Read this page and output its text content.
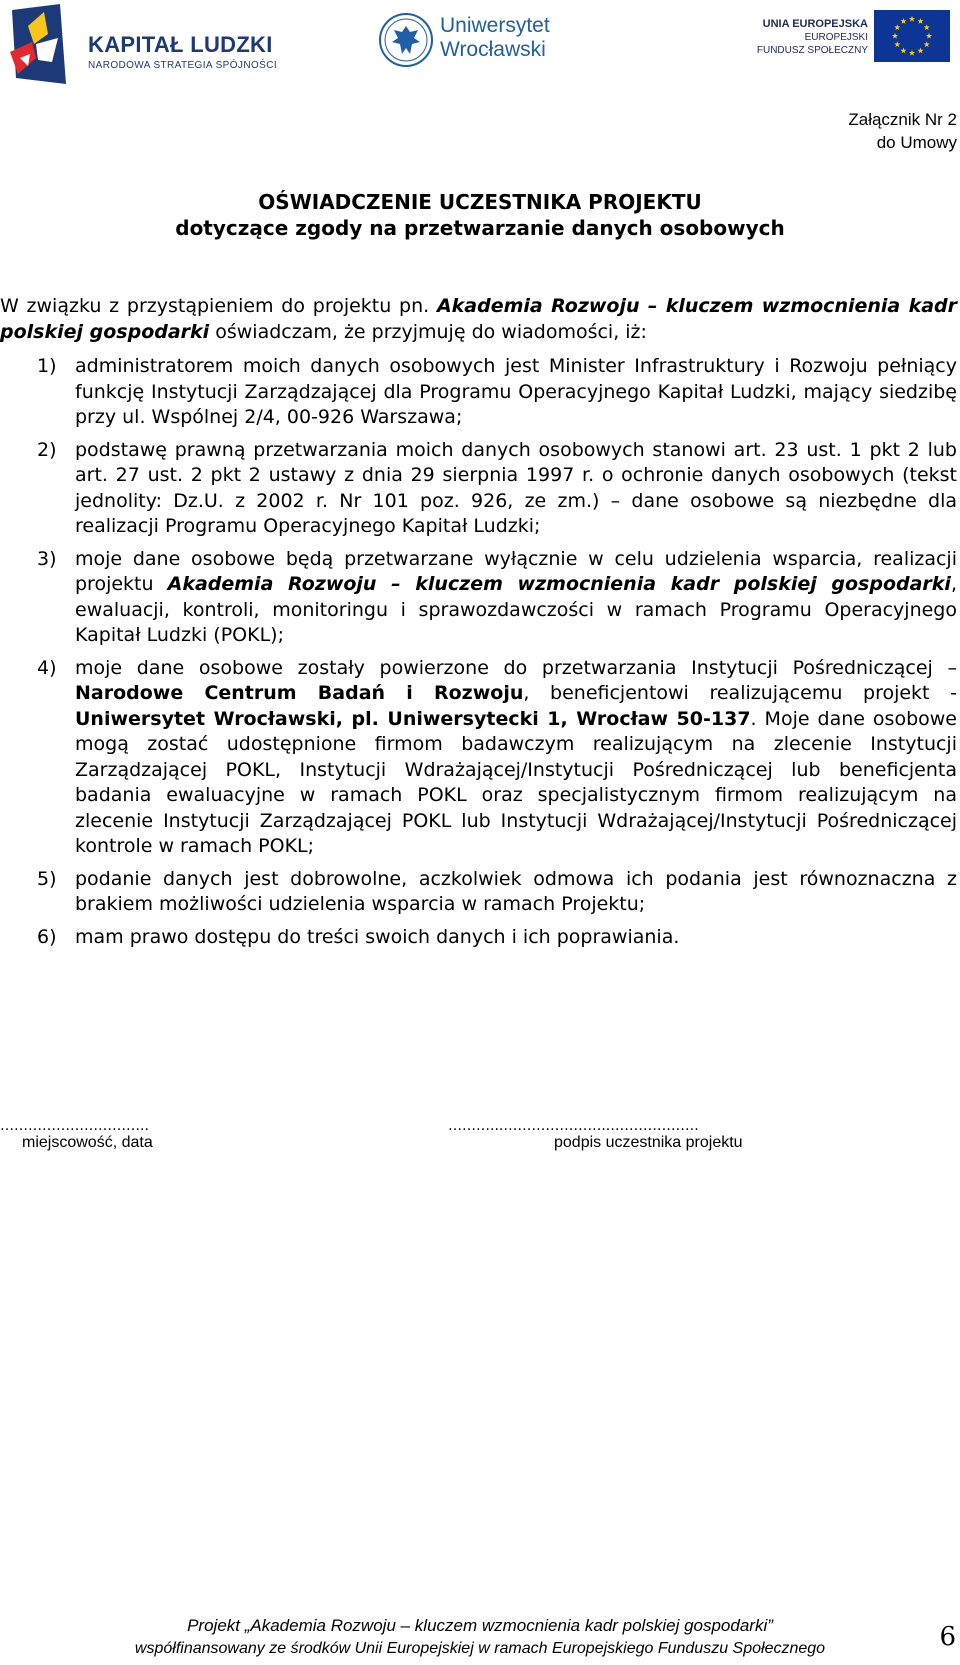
KAPITAŁ LUDZKI
NARODOWA STRATEGIA SPÓJNOŚCI
Uniwersytet
Wrocławski
UNIA EUROPEJSKA
EUROPEJSKI
FUNDUSZ SPOŁECZNY
Załącznik Nr 2
do Umowy
OŚWIADCZENIE UCZESTNIKA PROJEKTU
dotyczące zgody na przetwarzanie danych osobowych
W związku z przystąpieniem do projektu pn. Akademia Rozwoju – kluczem wzmocnienia kadr polskiej gospodarki oświadczam, że przyjmuję do wiadomości, iż:
1) administratorem moich danych osobowych jest Minister Infrastruktury i Rozwoju pełniący funkcję Instytucji Zarządzającej dla Programu Operacyjnego Kapitał Ludzki, mający siedzibę przy ul. Wspólnej 2/4, 00-926 Warszawa;
2) podstawę prawną przetwarzania moich danych osobowych stanowi art. 23 ust. 1 pkt 2 lub art. 27 ust. 2 pkt 2 ustawy z dnia 29 sierpnia 1997 r. o ochronie danych osobowych (tekst jednolity: Dz.U. z 2002 r. Nr 101 poz. 926, ze zm.) – dane osobowe są niezbędne dla realizacji Programu Operacyjnego Kapitał Ludzki;
3) moje dane osobowe będą przetwarzane wyłącznie w celu udzielenia wsparcia, realizacji projektu Akademia Rozwoju – kluczem wzmocnienia kadr polskiej gospodarki, ewaluacji, kontroli, monitoringu i sprawozdawczości w ramach Programu Operacyjnego Kapitał Ludzki (POKL);
4) moje dane osobowe zostały powierzone do przetwarzania Instytucji Pośredniczącej – Narodowe Centrum Badań i Rozwoju, beneficjentowi realizującemu projekt - Uniwersytet Wrocławski, pl. Uniwersytecki 1, Wrocław 50-137. Moje dane osobowe mogą zostać udostępnione firmom badawczym realizującym na zlecenie Instytucji Zarządzającej POKL, Instytucji Wdrażającej/Instytucji Pośredniczącej lub beneficjenta badania ewaluacyjne w ramach POKL oraz specjalistycznym firmom realizującym na zlecenie Instytucji Zarządzającej POKL lub Instytucji Wdrażającej/Instytucji Pośredniczącej kontrole w ramach POKL;
5) podanie danych jest dobrowolne, aczkolwiek odmowa ich podania jest równoznaczna z brakiem możliwości udzielenia wsparcia w ramach Projektu;
6) mam prawo dostępu do treści swoich danych i ich poprawiania.
…………………………..
miejscowość, data
………...…………………..……………….
podpis uczestnika projektu
Projekt „Akademia Rozwoju – kluczem wzmocnienia kadr polskiej gospodarki”
współfinansowany ze środków Unii Europejskiej w ramach Europejskiego Funduszu Społecznego	6
